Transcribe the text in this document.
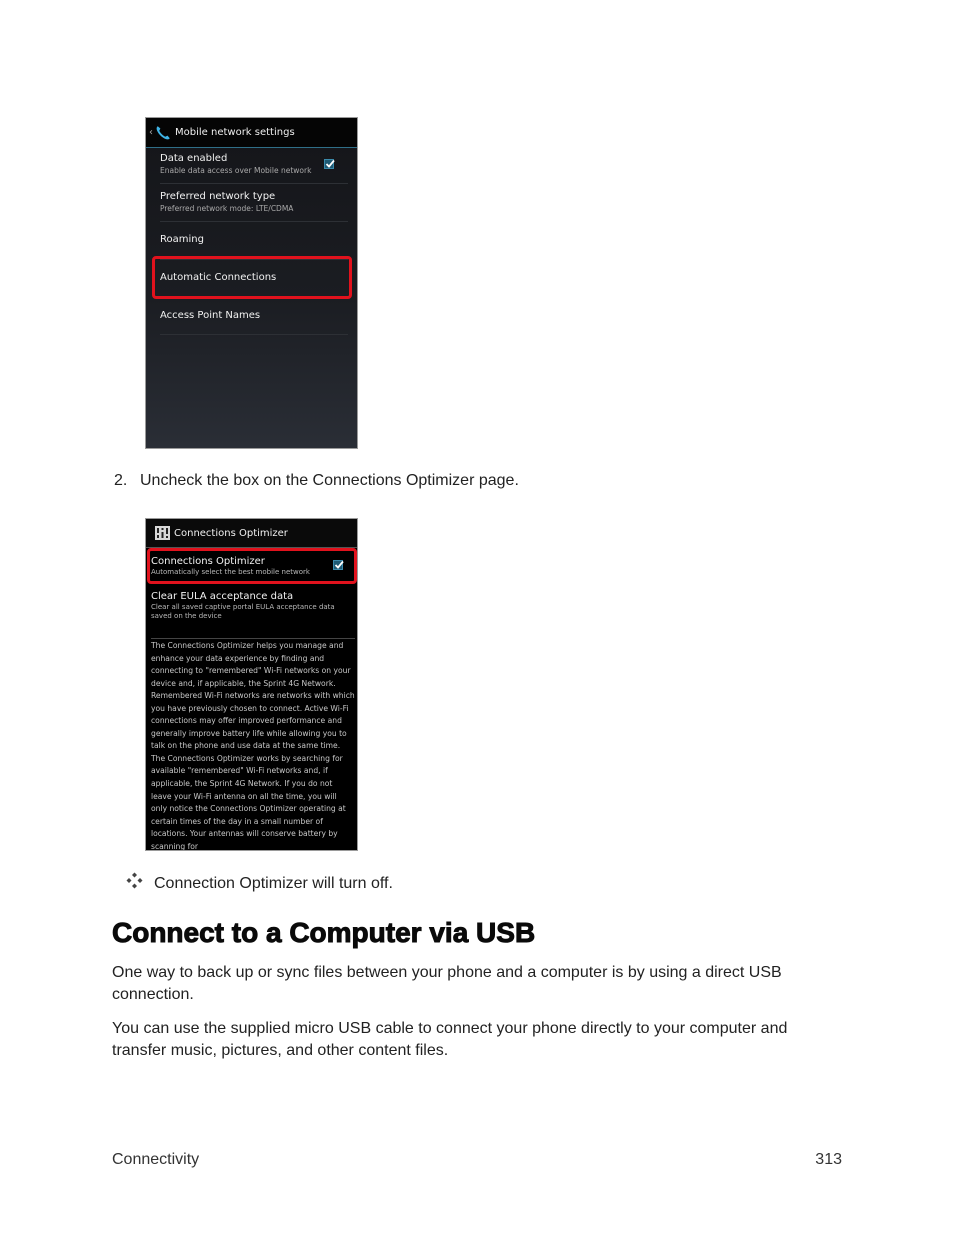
‹ Mobile network settings
Data enabled
Enable data access over Mobile network
Preferred network type
Preferred network mode: LTE/CDMA
Roaming
Automatic Connections
Access Point Names
2. Uncheck the box on the Connections Optimizer page.
Connections Optimizer
Connections Optimizer
Automatically select the best mobile network
Clear EULA acceptance data
Clear all saved captive portal EULA acceptance data saved on the device
The Connections Optimizer helps you manage and enhance your data experience by finding and connecting to "remembered" Wi-Fi networks on your device and, if applicable, the Sprint 4G Network. Remembered Wi-Fi networks are networks with which you have previously chosen to connect. Active Wi-Fi connections may offer improved performance and generally improve battery life while allowing you to talk on the phone and use data at the same time. The Connections Optimizer works by searching for available "remembered" Wi-Fi networks and, if applicable, the Sprint 4G Network. If you do not leave your Wi-Fi antenna on all the time, you will only notice the Connections Optimizer operating at certain times of the day in a small number of locations. Your antennas will conserve battery by scanning for
Connection Optimizer will turn off.
Connect to a Computer via USB
One way to back up or sync files between your phone and a computer is by using a direct USB connection.
You can use the supplied micro USB cable to connect your phone directly to your computer and transfer music, pictures, and other content files.
Connectivity	313
